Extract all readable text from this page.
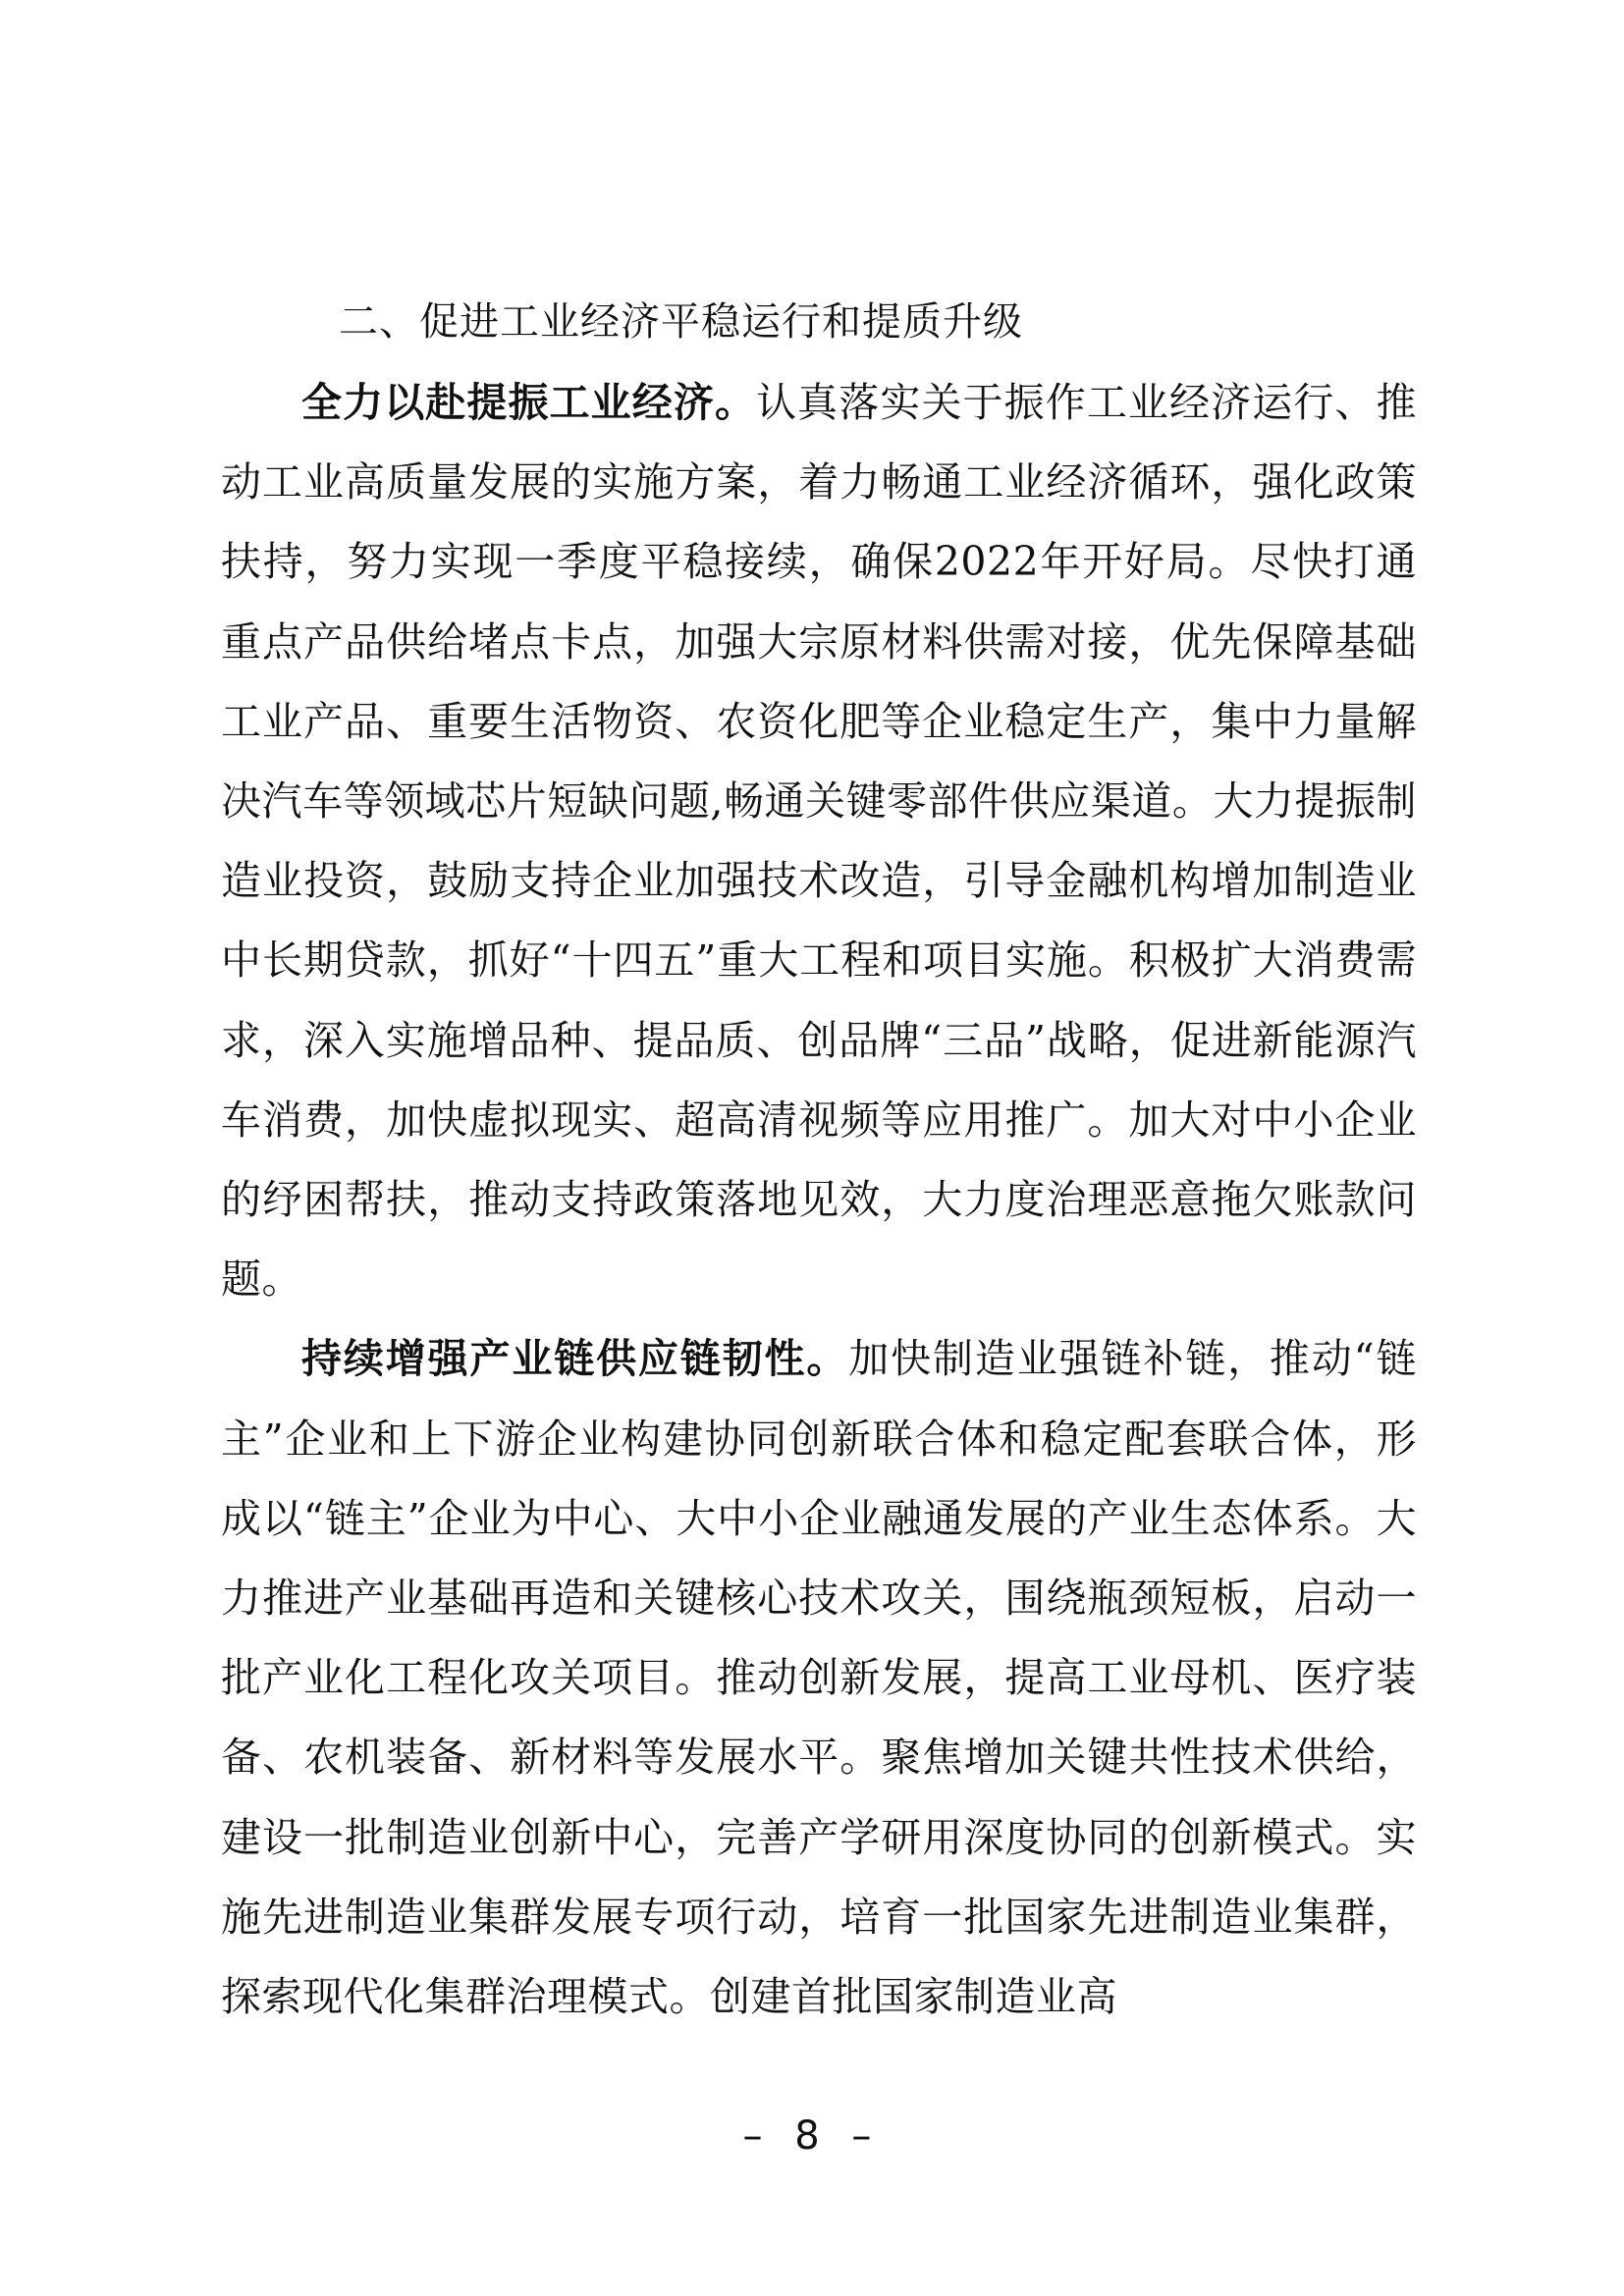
二、促进工业经济平稳运行和提质升级

全力以赴提振工业经济。认真落实关于振作工业经济运行、推动工业高质量发展的实施方案，着力畅通工业经济循环，强化政策扶持，努力实现一季度平稳接续，确保2022年开好局。尽快打通重点产品供给堵点卡点，加强大宗原材料供需对接，优先保障基础工业产品、重要生活物资、农资化肥等企业稳定生产，集中力量解决汽车等领域芯片短缺问题,畅通关键零部件供应渠道。大力提振制造业投资，鼓励支持企业加强技术改造，引导金融机构增加制造业中长期贷款，抓好“十四五”重大工程和项目实施。积极扩大消费需求，深入实施增品种、提品质、创品牌“三品”战略，促进新能源汽车消费，加快虚拟现实、超高清视频等应用推广。加大对中小企业的纾困帮扶，推动支持政策落地见效，大力度治理恶意拖欠账款问题。

持续增强产业链供应链韧性。加快制造业强链补链，推动“链主”企业和上下游企业构建协同创新联合体和稳定配套联合体，形成以“链主”企业为中心、大中小企业融通发展的产业生态体系。大力推进产业基础再造和关键核心技术攻关，围绕瓶颈短板，启动一批产业化工程化攻关项目。推动创新发展，提高工业母机、医疗装备、农机装备、新材料等发展水平。聚焦增加关键共性技术供给，建设一批制造业创新中心，完善产学研用深度协同的创新模式。实施先进制造业集群发展专项行动，培育一批国家先进制造业集群，探索现代化集群治理模式。创建首批国家制造业高

– 8 –
